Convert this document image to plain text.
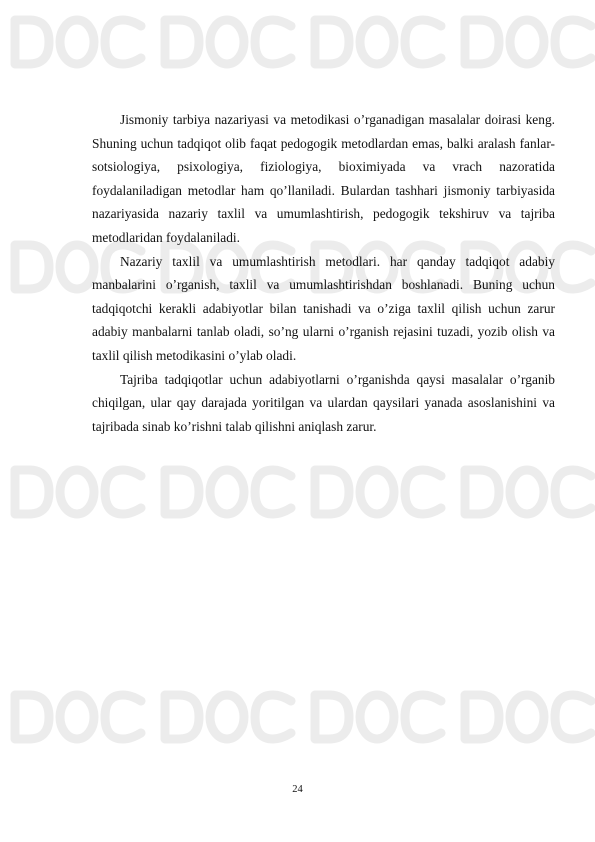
Jismoniy tarbiya nazariyasi va metodikasi o’rganadigan masalalar doirasi keng. Shuning uchun tadqiqot olib faqat pedogogik metodlardan emas, balki aralash fanlar-sotsiologiya, psixologiya, fiziologiya, bioximiyada va vrach nazoratida foydalaniladigan metodlar ham qo’llaniladi. Bulardan tashhari jismoniy tarbiyasida nazariyasida nazariy taxlil va umumlashtirish, pedogogik tekshiruv va tajriba metodlaridan foydalaniladi.

Nazariy taxlil va umumlashtirish metodlari. har qanday tadqiqot adabiy manbalarini o’rganish, taxlil va umumlashtirishdan boshlanadi. Buning uchun tadqiqotchi kerakli adabiyotlar bilan tanishadi va o’ziga taxlil qilish uchun zarur adabiy manbalarni tanlab oladi, so’ng ularni o’rganish rejasini tuzadi, yozib olish va taxlil qilish metodikasini o’ylab oladi.

Tajriba tadqiqotlar uchun adabiyotlarni o’rganishda qaysi masalalar o’rganib chiqilgan, ular qay darajada yoritilgan va ulardan qaysilari yanada asoslanishini va tajribada sinab ko’rishni talab qilishni aniqlash zarur.

24
